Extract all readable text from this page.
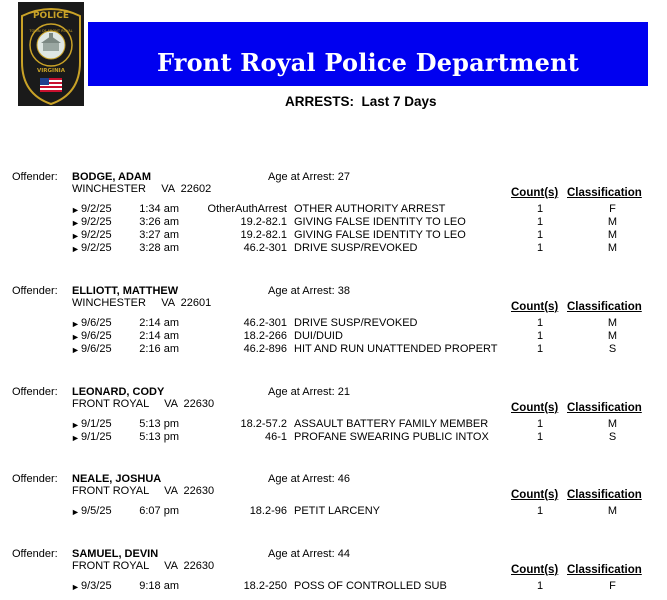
POLICE
TOWN OF FRONT ROYAL
VIRGINIA	Front Royal Police Department
ARRESTS:  Last 7 Days
Offender: BODGE, ADAM	Age at Arrest: 27
WINCHESTER VA 22602	Count(s) Classification
► 9/2/25	1:34 am	OtherAuthArrest OTHER AUTHORITY ARREST	1	F
► 9/2/25	3:26 am	19.2-82.1 GIVING FALSE IDENTITY TO LEO	1	M
► 9/2/25	3:27 am	19.2-82.1 GIVING FALSE IDENTITY TO LEO	1	M
► 9/2/25	3:28 am	46.2-301 DRIVE SUSP/REVOKED	1	M
Offender: ELLIOTT, MATTHEW	Age at Arrest: 38
WINCHESTER VA 22601	Count(s) Classification
► 9/6/25	2:14 am	46.2-301 DRIVE SUSP/REVOKED	1	M
► 9/6/25	2:14 am	18.2-266 DUI/DUID	1	M
► 9/6/25	2:16 am	46.2-896 HIT AND RUN UNATTENDED PROPERT	1	S
Offender: LEONARD, CODY	Age at Arrest: 21
FRONT ROYAL VA 22630	Count(s) Classification
► 9/1/25	5:13 pm	18.2-57.2 ASSAULT BATTERY FAMILY MEMBER	1	M
► 9/1/25	5:13 pm	46-1 PROFANE SWEARING PUBLIC INTOX	1	S
Offender: NEALE, JOSHUA	Age at Arrest: 46
FRONT ROYAL VA 22630	Count(s) Classification
► 9/5/25	6:07 pm	18.2-96 PETIT LARCENY	1	M
Offender: SAMUEL, DEVIN	Age at Arrest: 44
FRONT ROYAL VA 22630	Count(s) Classification
► 9/3/25	9:18 am	18.2-250 POSS OF CONTROLLED SUB	1	F
